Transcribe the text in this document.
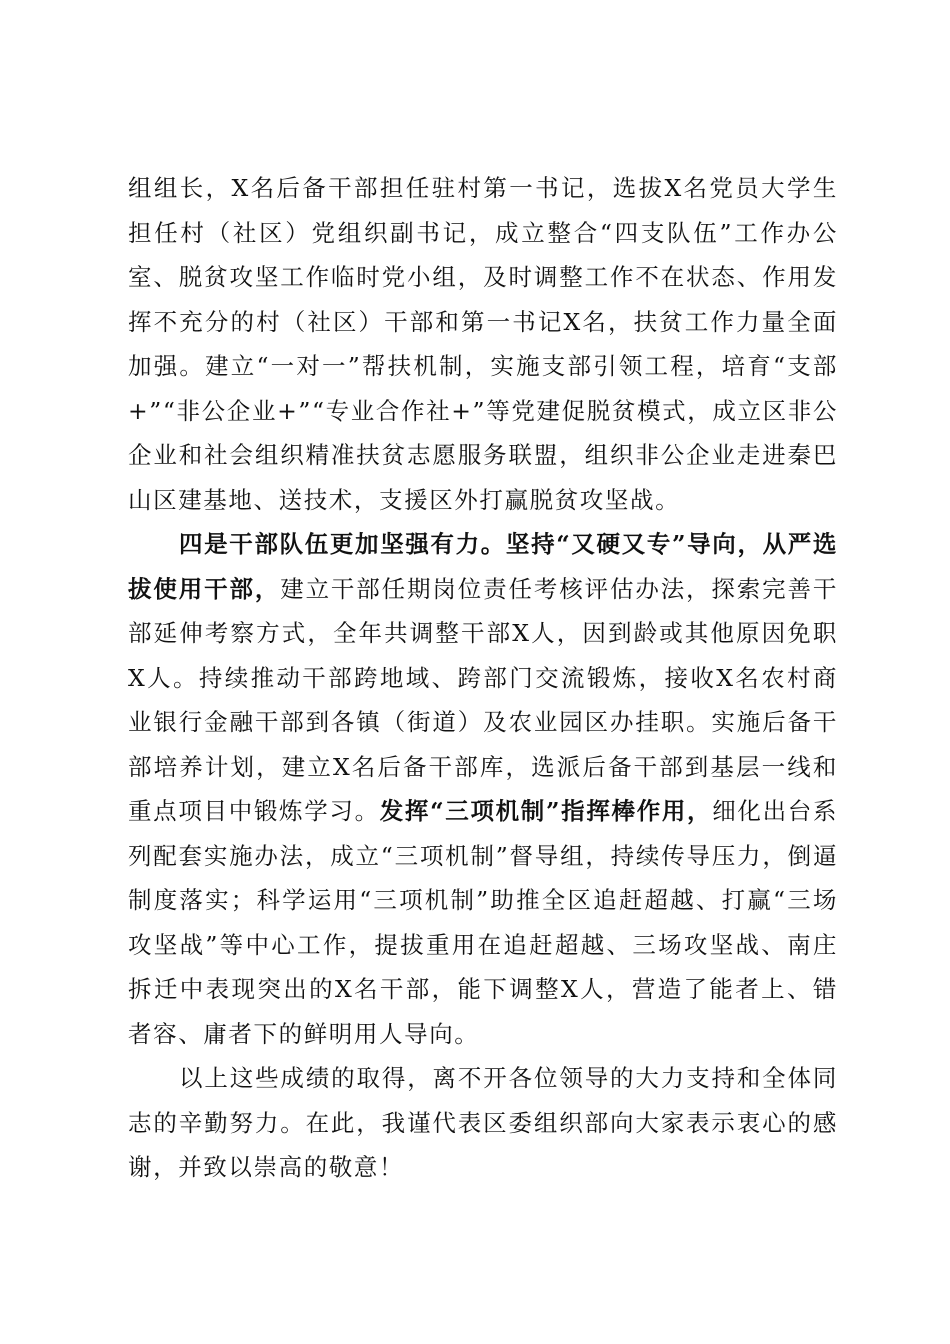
组组长，X名后备干部担任驻村第一书记，选拔X名党员大学生担任村（社区）党组织副书记，成立整合“四支队伍”工作办公室、脱贫攻坚工作临时党小组，及时调整工作不在状态、作用发挥不充分的村（社区）干部和第一书记X名，扶贫工作力量全面加强。建立“一对一”帮扶机制，实施支部引领工程，培育“支部+”“非公企业+”“专业合作社+”等党建促脱贫模式，成立区非公企业和社会组织精准扶贫志愿服务联盟，组织非公企业走进秦巴山区建基地、送技术，支援区外打赢脱贫攻坚战。

四是干部队伍更加坚强有力。坚持“又硬又专”导向，从严选拔使用干部，建立干部任期岗位责任考核评估办法，探索完善干部延伸考察方式，全年共调整干部X人，因到龄或其他原因免职X人。持续推动干部跨地域、跨部门交流锻炼，接收X名农村商业银行金融干部到各镇（街道）及农业园区办挂职。实施后备干部培养计划，建立X名后备干部库，选派后备干部到基层一线和重点项目中锻炼学习。发挥“三项机制”指挥棒作用，细化出台系列配套实施办法，成立“三项机制”督导组，持续传导压力，倒逼制度落实；科学运用“三项机制”助推全区追赶超越、打赢“三场攻坚战”等中心工作，提拔重用在追赶超越、三场攻坚战、南庄拆迁中表现突出的X名干部，能下调整X人，营造了能者上、错者容、庸者下的鲜明用人导向。

以上这些成绩的取得，离不开各位领导的大力支持和全体同志的辛勤努力。在此，我谨代表区委组织部向大家表示衷心的感谢，并致以崇高的敬意！
